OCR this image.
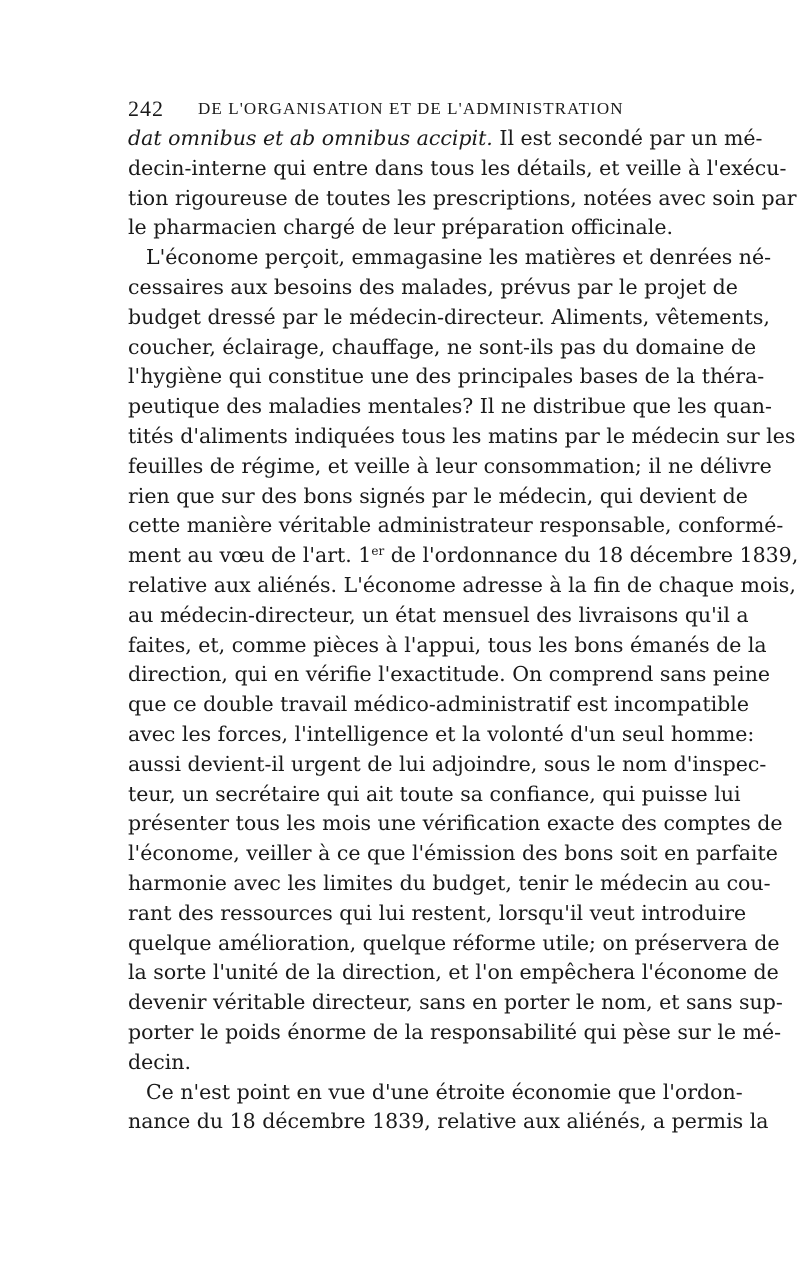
242 DE L'ORGANISATION ET DE L'ADMINISTRATION
dat omnibus et ab omnibus accipit. Il est secondé par un mé-
decin-interne qui entre dans tous les détails, et veille à l'exécu-
tion rigoureuse de toutes les prescriptions, notées avec soin par
le pharmacien chargé de leur préparation officinale.
L'économe perçoit, emmagasine les matières et denrées né-
cessaires aux besoins des malades, prévus par le projet de
budget dressé par le médecin-directeur. Aliments, vêtements,
coucher, éclairage, chauffage, ne sont-ils pas du domaine de
l'hygiène qui constitue une des principales bases de la théra-
peutique des maladies mentales? Il ne distribue que les quan-
tités d'aliments indiquées tous les matins par le médecin sur les
feuilles de régime, et veille à leur consommation; il ne délivre
rien que sur des bons signés par le médecin, qui devient de
cette manière véritable administrateur responsable, conformé-
ment au vœu de l'art. 1er de l'ordonnance du 18 décembre 1839,
relative aux aliénés. L'économe adresse à la fin de chaque mois,
au médecin-directeur, un état mensuel des livraisons qu'il a
faites, et, comme pièces à l'appui, tous les bons émanés de la
direction, qui en vérifie l'exactitude. On comprend sans peine
que ce double travail médico-administratif est incompatible
avec les forces, l'intelligence et la volonté d'un seul homme:
aussi devient-il urgent de lui adjoindre, sous le nom d'inspec-
teur, un secrétaire qui ait toute sa confiance, qui puisse lui
présenter tous les mois une vérification exacte des comptes de
l'économe, veiller à ce que l'émission des bons soit en parfaite
harmonie avec les limites du budget, tenir le médecin au cou-
rant des ressources qui lui restent, lorsqu'il veut introduire
quelque amélioration, quelque réforme utile; on préservera de
la sorte l'unité de la direction, et l'on empêchera l'économe de
devenir véritable directeur, sans en porter le nom, et sans sup-
porter le poids énorme de la responsabilité qui pèse sur le mé-
decin.
Ce n'est point en vue d'une étroite économie que l'ordon-
nance du 18 décembre 1839, relative aux aliénés, a permis la
